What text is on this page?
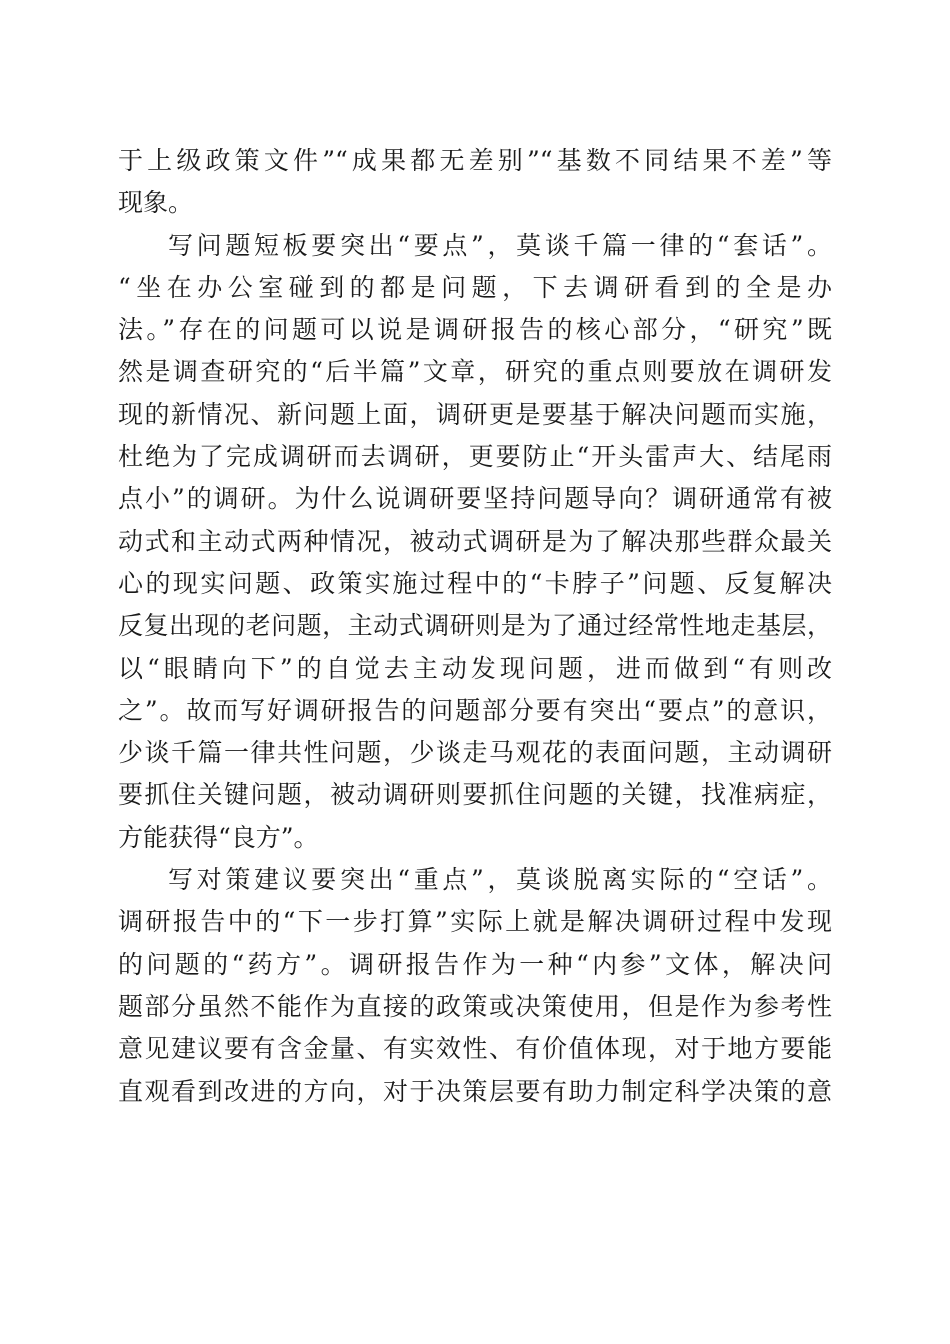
于上级政策文件”“成果都无差别”“基数不同结果不差”等
现象。
写问题短板要突出“要点”，莫谈千篇一律的“套话”。
“坐在办公室碰到的都是问题，下去调研看到的全是办
法。”存在的问题可以说是调研报告的核心部分，“研究”既
然是调查研究的“后半篇”文章，研究的重点则要放在调研发
现的新情况、新问题上面，调研更是要基于解决问题而实施，
杜绝为了完成调研而去调研，更要防止“开头雷声大、结尾雨
点小”的调研。为什么说调研要坚持问题导向？调研通常有被
动式和主动式两种情况，被动式调研是为了解决那些群众最关
心的现实问题、政策实施过程中的“卡脖子”问题、反复解决
反复出现的老问题，主动式调研则是为了通过经常性地走基层，
以“眼睛向下”的自觉去主动发现问题，进而做到“有则改
之”。故而写好调研报告的问题部分要有突出“要点”的意识，
少谈千篇一律共性问题，少谈走马观花的表面问题，主动调研
要抓住关键问题，被动调研则要抓住问题的关键，找准病症，
方能获得“良方”。
写对策建议要突出“重点”，莫谈脱离实际的“空话”。
调研报告中的“下一步打算”实际上就是解决调研过程中发现
的问题的“药方”。调研报告作为一种“内参”文体，解决问
题部分虽然不能作为直接的政策或决策使用，但是作为参考性
意见建议要有含金量、有实效性、有价值体现，对于地方要能
直观看到改进的方向，对于决策层要有助力制定科学决策的意
